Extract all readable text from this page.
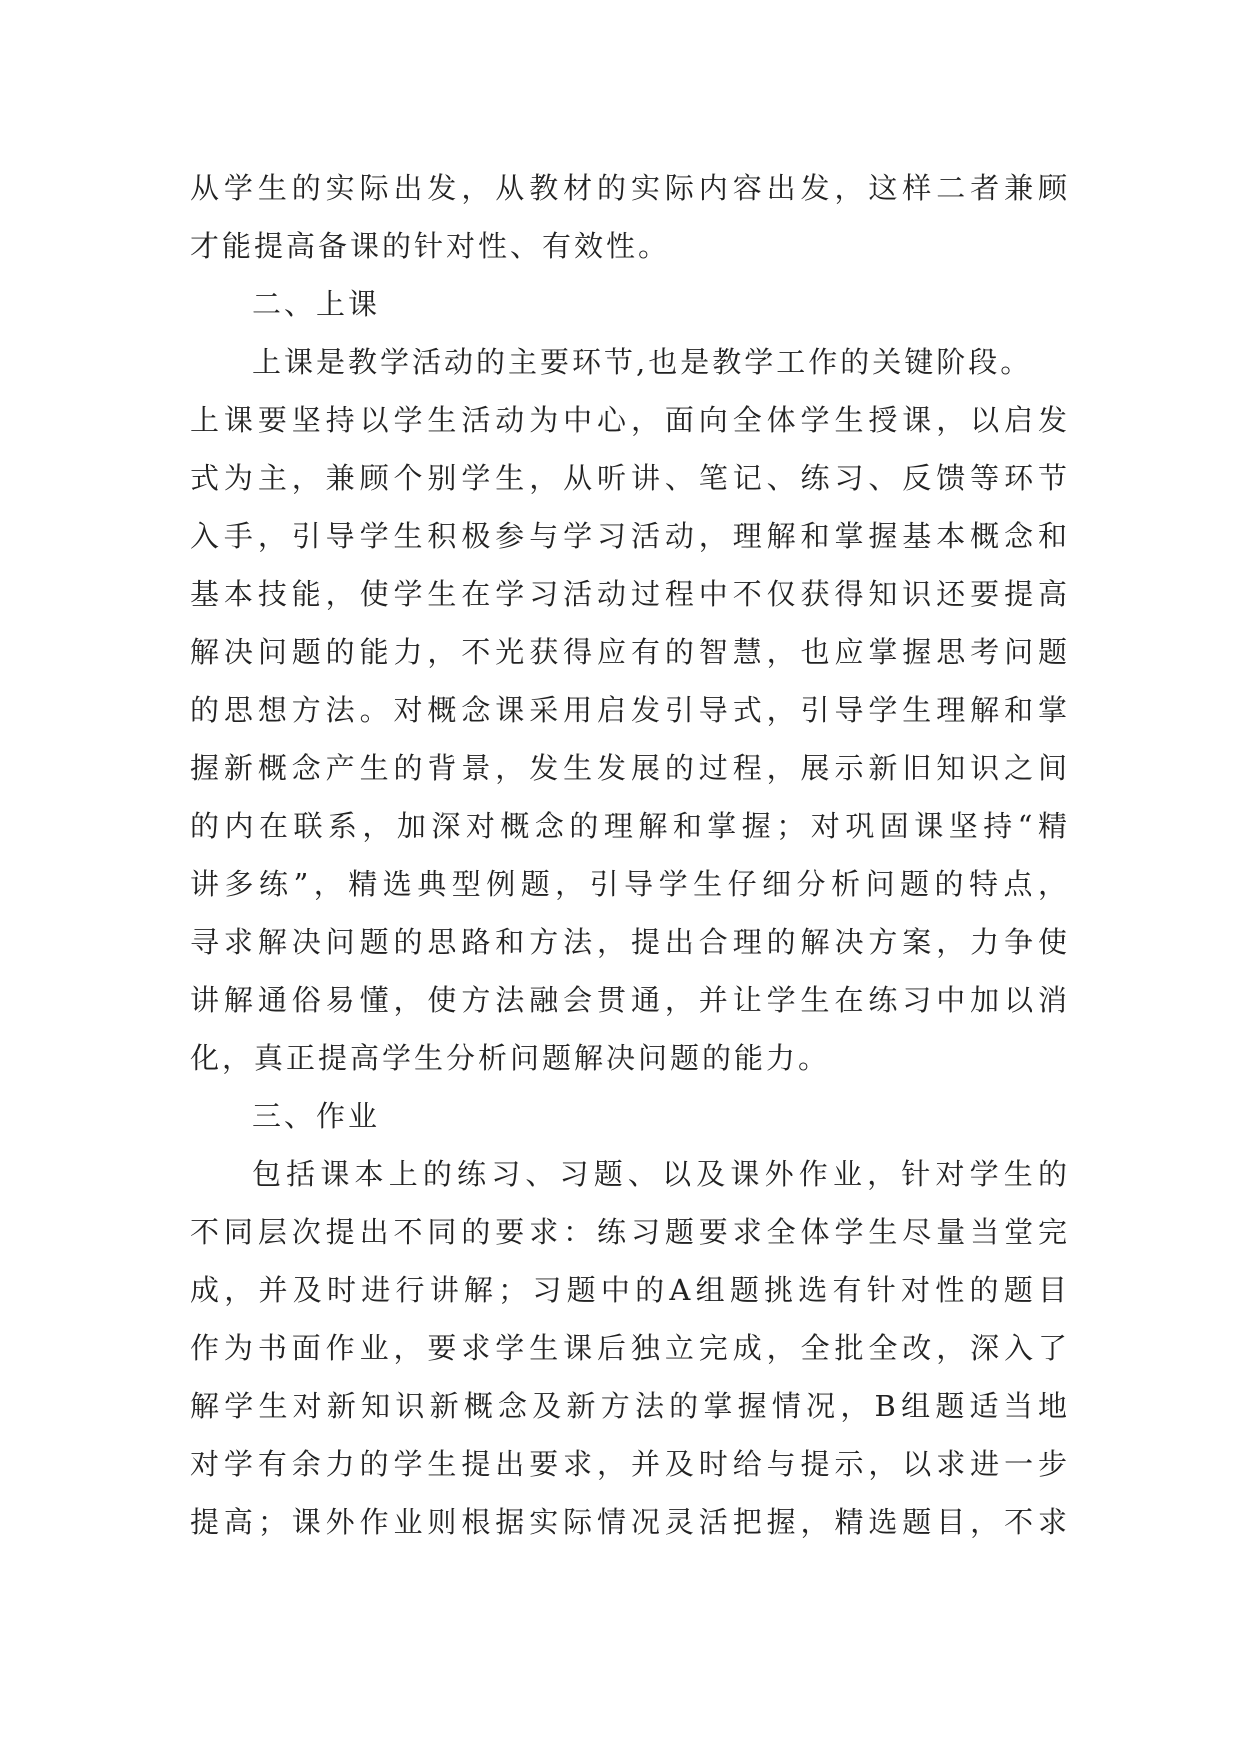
从学生的实际出发，从教材的实际内容出发，这样二者兼顾
才能提高备课的针对性、有效性。
二、上课
上课是教学活动的主要环节,也是教学工作的关键阶段。
上课要坚持以学生活动为中心，面向全体学生授课，以启发
式为主，兼顾个别学生，从听讲、笔记、练习、反馈等环节
入手，引导学生积极参与学习活动，理解和掌握基本概念和
基本技能，使学生在学习活动过程中不仅获得知识还要提高
解决问题的能力，不光获得应有的智慧，也应掌握思考问题
的思想方法。对概念课采用启发引导式，引导学生理解和掌
握新概念产生的背景，发生发展的过程，展示新旧知识之间
的内在联系，加深对概念的理解和掌握；对巩固课坚持“精
讲多练”，精选典型例题，引导学生仔细分析问题的特点，
寻求解决问题的思路和方法，提出合理的解决方案，力争使
讲解通俗易懂，使方法融会贯通，并让学生在练习中加以消
化，真正提高学生分析问题解决问题的能力。
三、作业
包括课本上的练习、习题、以及课外作业，针对学生的
不同层次提出不同的要求：练习题要求全体学生尽量当堂完
成，并及时进行讲解；习题中的A组题挑选有针对性的题目
作为书面作业，要求学生课后独立完成，全批全改，深入了
解学生对新知识新概念及新方法的掌握情况，B组题适当地
对学有余力的学生提出要求，并及时给与提示，以求进一步
提高；课外作业则根据实际情况灵活把握，精选题目，不求
